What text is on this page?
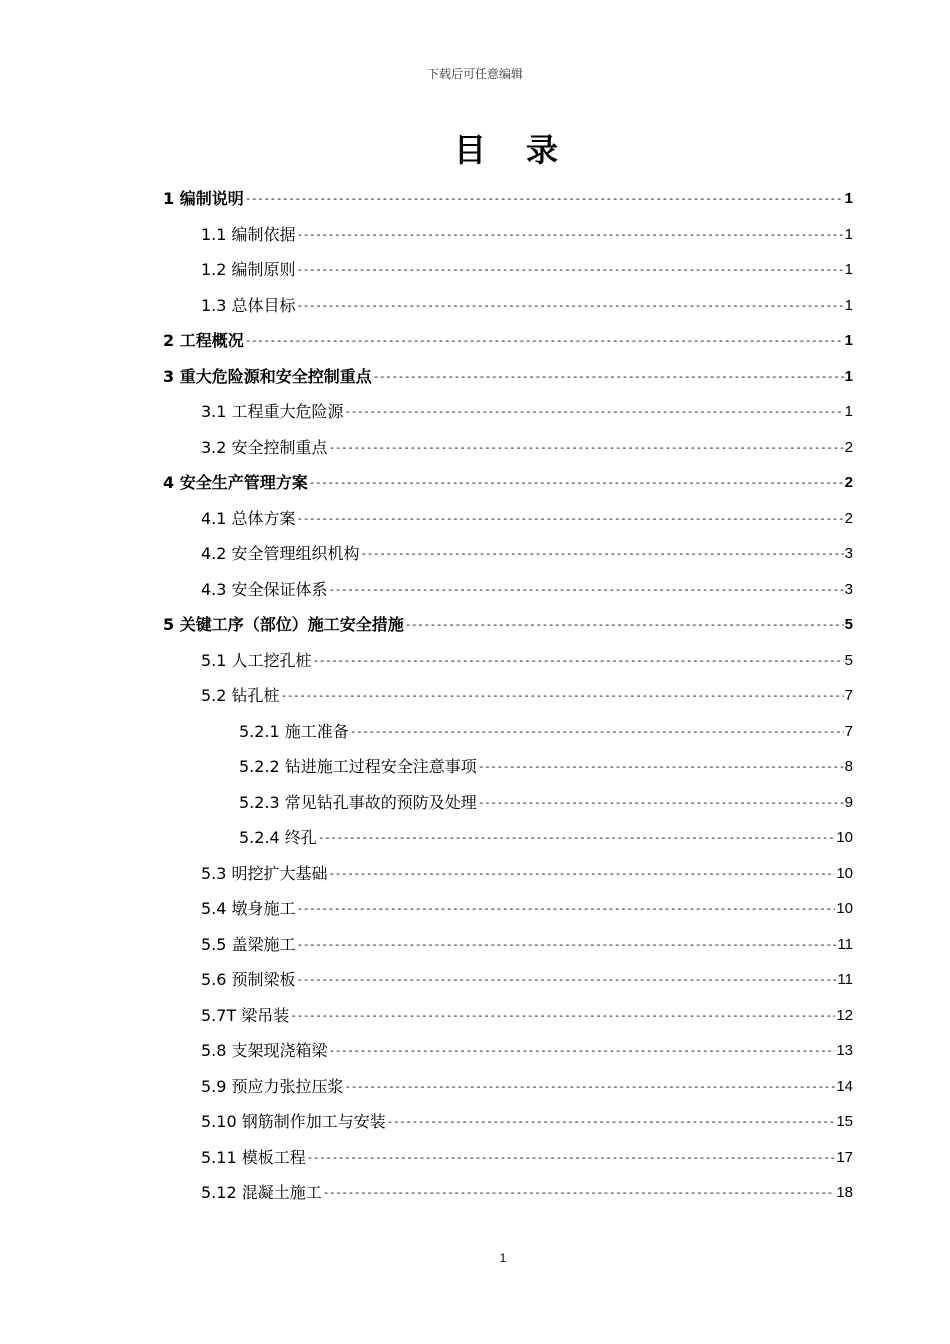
下载后可任意编辑
目录
1 编制说明 -----	1
1.1 编制依据 -----	1
1.2 编制原则 -----	1
1.3 总体目标 -----	1
2 工程概况 -----	1
3 重大危险源和安全控制重点 -----	1
3.1 工程重大危险源 -----	1
3.2 安全控制重点 -----	2
4 安全生产管理方案 -----	2
4.1 总体方案 -----	2
4.2 安全管理组织机构 -----	3
4.3 安全保证体系 -----	3
5 关键工序（部位）施工安全措施 -----	5
5.1 人工挖孔桩 -----	5
5.2 钻孔桩 -----	7
5.2.1 施工准备 -----	7
5.2.2 钻进施工过程安全注意事项 -----	8
5.2.3 常见钻孔事故的预防及处理 -----	9
5.2.4 终孔 -----	10
5.3 明挖扩大基础 -----	10
5.4 墩身施工 -----	10
5.5 盖梁施工 -----	11
5.6 预制梁板 -----	11
5.7T 梁吊装 -----	12
5.8 支架现浇箱梁 -----	13
5.9 预应力张拉压浆 -----	14
5.10 钢筋制作加工与安装 -----	15
5.11 模板工程 -----	17
5.12 混凝土施工 -----	18
1
